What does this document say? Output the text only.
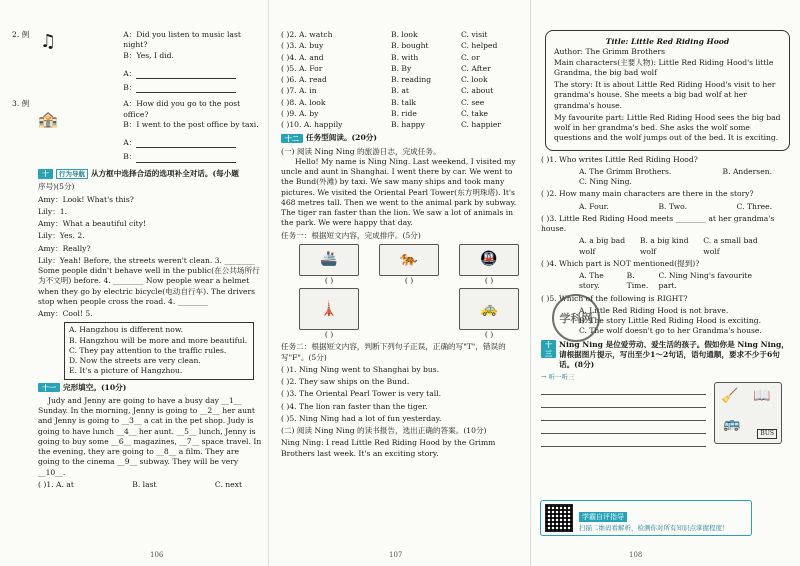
2. 例 ♫	A：Did you listen to music last night?
B：Yes, I did.
A：
B：
3. 例
🏤
A：How did you go to the post office?
B：I went to the post office by taxi.
A：
B：
十	行为导航 从方框中选择合适的选项补全对话。(每小题
序号)(5分)
Amy：Look! What's this?
Lily：1.
Amy：What a beautiful city!
Lily：Yes. 2.
Amy：Really?
Lily：Yeah! Before, the streets weren't clean. 3. ________ Some people didn't behave well in the public(在公共场所行为不文明) before. 4. ________ Now people wear a helmet when they go by electric bicycle(电动自行车). The drivers stop when people cross the road. 4. ________
Amy：Cool! 5.
A. Hangzhou is different now.
B. Hangzhou will be more and more beautiful.
C. They pay attention to the traffic rules.
D. Now the streets are very clean.
E. It's a picture of Hangzhou.
十一 完形填空。(10分)
Judy and Jenny are going to have a busy day __1__ Sunday. In the morning, Jenny is going to __2__ her aunt and Jenny is going to __3__ a cat in the pet shop. Judy is going to have lunch __4__ her aunt. __5__ lunch, Jenny is going to buy some __6__ magazines, __7__ space travel. In the evening, they are going to __8__ a film. They are going to the cinema __9__ subway. They will be very __10__.
( )1. A. at	B. last	C. next
106
( )2. A. watch	B. look	C. visit
( )3. A. buy	B. bought	C. helped
( )4. A. and	B. with	C. or
( )5. A. For	B. By	C. After
( )6. A. read	B. reading	C. look
( )7. A. in	B. at	C. about
( )8. A. look	B. talk	C. see
( )9. A. by	B. ride	C. take
( )10. A. happily	B. happy	C. happier
十二 任务型阅读。(20分)
(一) 阅读 Ning Ning 的旅游日志，完成任务。
Hello! My name is Ning Ning. Last weekend, I visited my uncle and aunt in Shanghai. I went there by car. We went to the Bund(外滩) by taxi. We saw many ships and took many pictures. We visited the Oriental Pearl Tower(东方明珠塔). It's 468 metres tall. Then we went to the animal park by subway. The tiger ran faster than the lion. We saw a lot of animals in the park. We were happy that day.
任务一：根据短文内容，完成排序。(5分)
🚢
( )
🐅
( )
🚇
( )
🗼
( )
🚕
( )
任务二：根据短文内容，判断下列句子正误，正确的写"T"，错误的写"F"。(5分)
( )1. Ning Ning went to Shanghai by bus.
( )2. They saw ships on the Bund.
( )3. The Oriental Pearl Tower is very tall.
( )4. The lion ran faster than the tiger.
( )5. Ning Ning had a lot of fun yesterday.
(二) 阅读 Ning Ning 的读书报告，选出正确的答案。(10分)
Ning Ning: I read Little Red Riding Hood by the Grimm Brothers last week. It's an exciting story.
107
Title: Little Red Riding Hood
Author: The Grimm Brothers
Main characters(主要人物): Little Red Riding Hood's little Grandma, the big bad wolf
The story: It is about Little Red Riding Hood's visit to her grandma's house. She meets a big bad wolf at her grandma's house.
My favourite part: Little Red Riding Hood sees the big bad wolf in her grandma's bed. She asks the wolf some questions and the wolf jumps out of the bed. It is exciting.
( )1. Who writes Little Red Riding Hood?
A. The Grimm Brothers.	B. Andersen.
C. Ning Ning.
( )2. How many main characters are there in the story?
A. Four.	B. Two.	C. Three.
( )3. Little Red Riding Hood meets ________ at her grandma's house.
A. a big bad wolf
B. a big kind wolf
C. a small bad wolf
( )4. Which part is NOT mentioned(提到)?
A. The story.
B. Time.
C. Ning Ning's favourite part.
( )5. Which of the following is RIGHT?
A. Little Red Riding Hood is not brave.
B. The story Little Red Riding Hood is exciting.
C. The wolf doesn't go to her Grandma's house.
十三
Ning Ning 是位爱劳动、爱生活的孩子。假如你是 Ning Ning，请根据图片提示，写出至少1～2句话，语句通顺，要求不少于6句话。(8分)
→ 听一听三
🧹 📖
🚌
BUS
108
学科网
学霸自评指导
扫描二维码看解析，检测你对所有知识点掌握程度！
